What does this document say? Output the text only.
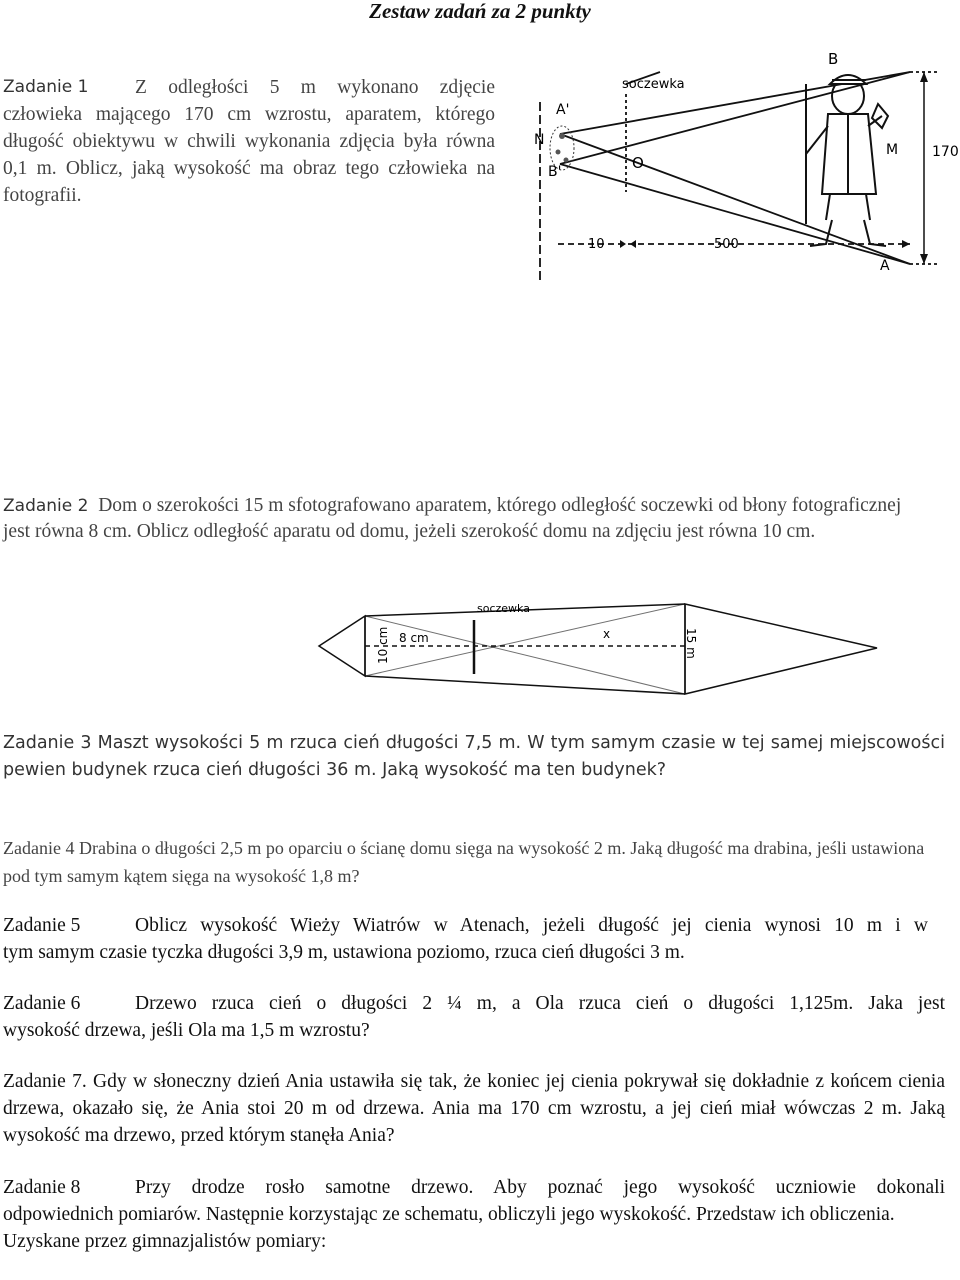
Zestaw zadań za 2 punkty
Zadanie 1	Z odległości 5 m wykonano zdjęcie

człowieka mającego 170 cm wzrostu, aparatem, którego długość obiektywu w chwili wykonania zdjęcia była równa 0,1 m. Oblicz, jaką wysokość ma obraz tego człowieka na fotografii.

soczewka
A'
N
B'	O
B
M
A
170
10	500

Zadanie 2 Dom o szerokości 15 m sfotografowano aparatem, którego odległość soczewki od błony fotograficznej jest równa 8 cm. Oblicz odległość aparatu od domu, jeżeli szerokość domu na zdjęciu jest równa 10 cm.

soczewka
10 cm 8 cm	x	15 m

Zadanie 3 Maszt wysokości 5 m rzuca cień długości 7,5 m. W tym samym czasie w tej samej miejscowości pewien budynek rzuca cień długości 36 m. Jaką wysokość ma ten budynek?

Zadanie 4 Drabina o długości 2,5 m po oparciu o ścianę domu sięga na wysokość 2 m. Jaką długość ma drabina, jeśli ustawiona pod tym samym kątem sięga na wysokość 1,8 m?

Zadanie 5	Oblicz wysokość Wieży Wiatrów w Atenach, jeżeli długość jej cienia wynosi 10 m i w

tym samym czasie tyczka długości 3,9 m, ustawiona poziomo, rzuca cień długości 3 m.

Zadanie 6	Drzewo rzuca cień o długości 2 ¼ m, a Ola rzuca cień o długości 1,125m. Jaka jest

wysokość drzewa, jeśli Ola ma 1,5 m wzrostu?

Zadanie 7. Gdy w słoneczny dzień Ania ustawiła się tak, że koniec jej cienia pokrywał się dokładnie z końcem cienia drzewa, okazało się, że Ania stoi 20 m od drzewa. Ania ma 170 cm wzrostu, a jej cień miał wówczas 2 m. Jaką wysokość ma drzewo, przed którym stanęła Ania?

Zadanie 8	Przy drodze rosło samotne drzewo. Aby poznać jego wysokość uczniowie dokonali

odpowiednich pomiarów. Następnie korzystając ze schematu, obliczyli jego wyskokość. Przedstaw ich obliczenia.

Uzyskane przez gimnazjalistów pomiary:
